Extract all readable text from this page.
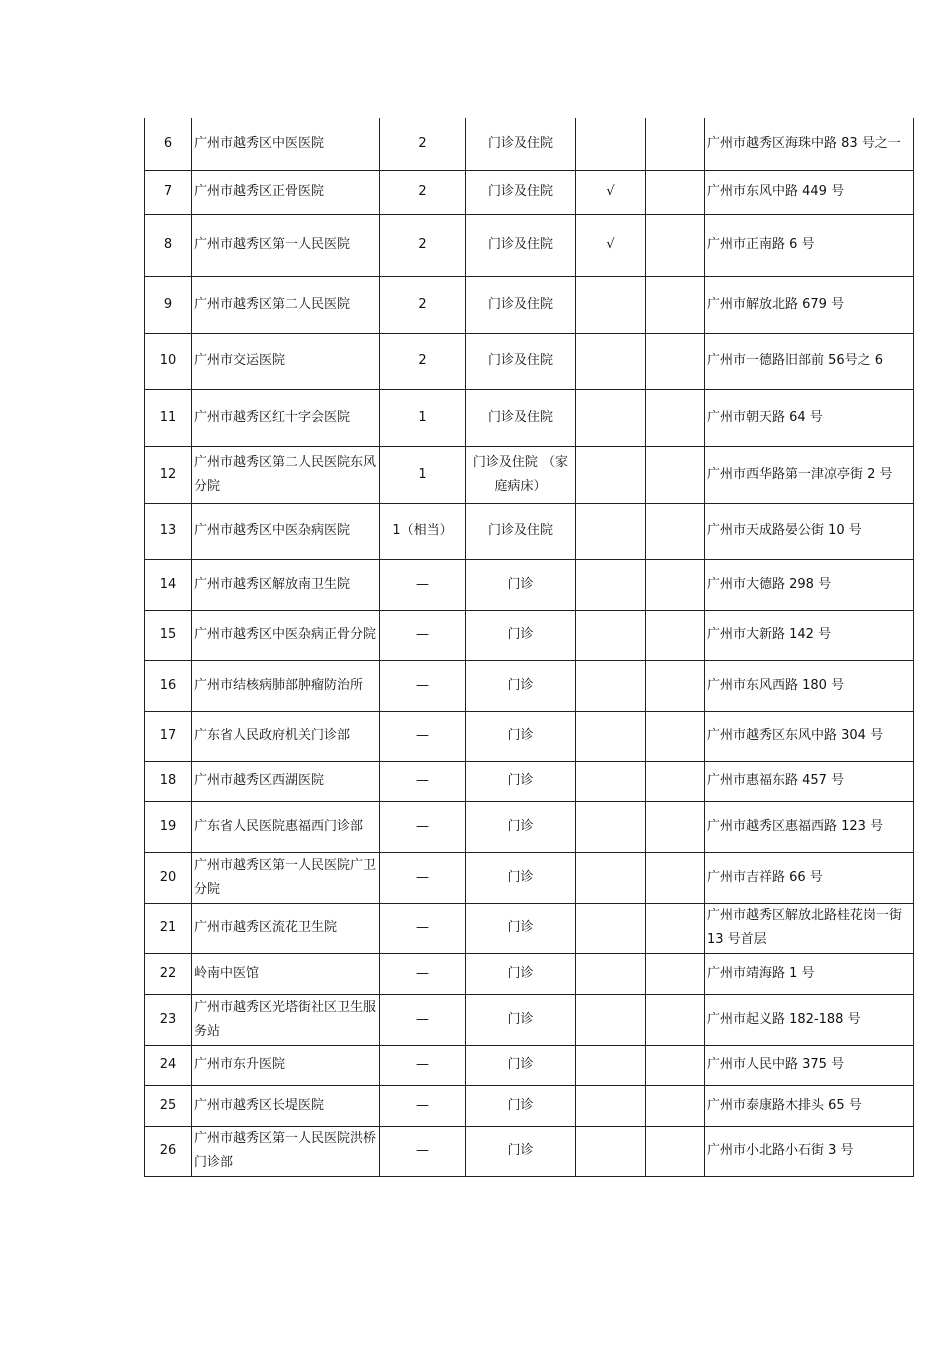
6	广州市越秀区中医医院	2	门诊及住院			广州市越秀区海珠中路 83 号之一
7	广州市越秀区正骨医院	2	门诊及住院	√		广州市东风中路 449 号
8	广州市越秀区第一人民医院	2	门诊及住院	√		广州市正南路 6 号
9	广州市越秀区第二人民医院	2	门诊及住院			广州市解放北路 679 号
10	广州市交运医院	2	门诊及住院			广州市一德路旧部前 56号之 6
11	广州市越秀区红十字会医院	1	门诊及住院			广州市朝天路 64 号
12	广州市越秀区第二人民医院东风分院	1	门诊及住院 （家庭病床）			广州市西华路第一津凉亭街 2 号
13	广州市越秀区中医杂病医院	1（相当）	门诊及住院			广州市天成路晏公街 10 号
14	广州市越秀区解放南卫生院	—	门诊			广州市大德路 298 号
15	广州市越秀区中医杂病正骨分院	—	门诊			广州市大新路 142 号
16	广州市结核病肺部肿瘤防治所	—	门诊			广州市东风西路 180 号
17	广东省人民政府机关门诊部	—	门诊			广州市越秀区东风中路 304 号
18	广州市越秀区西湖医院	—	门诊			广州市惠福东路 457 号
19	广东省人民医院惠福西门诊部	—	门诊			广州市越秀区惠福西路 123 号
20	广州市越秀区第一人民医院广卫分院	—	门诊			广州市吉祥路 66 号
21	广州市越秀区流花卫生院	—	门诊			广州市越秀区解放北路桂花岗一街 13 号首层
22	岭南中医馆	—	门诊			广州市靖海路 1 号
23	广州市越秀区光塔街社区卫生服务站	—	门诊			广州市起义路 182-188 号
24	广州市东升医院	—	门诊			广州市人民中路 375 号
25	广州市越秀区长堤医院	—	门诊			广州市泰康路木排头 65 号
26	广州市越秀区第一人民医院洪桥门诊部	—	门诊			广州市小北路小石街 3 号
